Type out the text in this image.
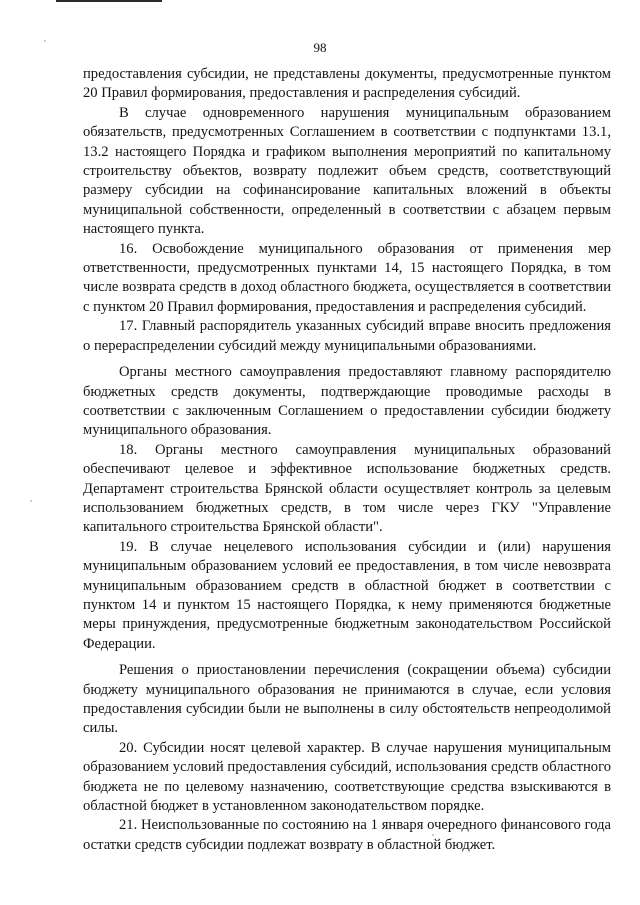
98

предоставления субсидии, не представлены документы, предусмотренные пунктом 20 Правил формирования, предоставления и распределения субсидий.

В случае одновременного нарушения муниципальным образованием обязательств, предусмотренных Соглашением в соответствии с подпунктами 13.1, 13.2 настоящего Порядка и графиком выполнения мероприятий по капитальному строительству объектов, возврату подлежит объем средств, соответствующий размеру субсидии на софинансирование капитальных вложений в объекты муниципальной собственности, определенный в соответствии с абзацем первым настоящего пункта.

16. Освобождение муниципального образования от применения мер ответственности, предусмотренных пунктами 14, 15 настоящего Порядка, в том числе возврата средств в доход областного бюджета, осуществляется в соответствии с пунктом 20 Правил формирования, предоставления и распределения субсидий.

17. Главный распорядитель указанных субсидий вправе вносить предложения о перераспределении субсидий между муниципальными образованиями.

Органы местного самоуправления предоставляют главному распорядителю бюджетных средств документы, подтверждающие проводимые расходы в соответствии с заключенным Соглашением о предоставлении субсидии бюджету муниципального образования.

18. Органы местного самоуправления муниципальных образований обеспечивают целевое и эффективное использование бюджетных средств. Департамент строительства Брянской области осуществляет контроль за целевым использованием бюджетных средств, в том числе через ГКУ "Управление капитального строительства Брянской области".

19. В случае нецелевого использования субсидии и (или) нарушения муниципальным образованием условий ее предоставления, в том числе невозврата муниципальным образованием средств в областной бюджет в соответствии с пунктом 14 и пунктом 15 настоящего Порядка, к нему применяются бюджетные меры принуждения, предусмотренные бюджетным законодательством Российской Федерации.

Решения о приостановлении перечисления (сокращении объема) субсидии бюджету муниципального образования не принимаются в случае, если условия предоставления субсидии были не выполнены в силу обстоятельств непреодолимой силы.

20. Субсидии носят целевой характер. В случае нарушения муниципальным образованием условий предоставления субсидий, использования средств областного бюджета не по целевому назначению, соответствующие средства взыскиваются в областной бюджет в установленном законодательством порядке.

21. Неиспользованные по состоянию на 1 января очередного финансового года остатки средств субсидии подлежат возврату в областной бюджет.
